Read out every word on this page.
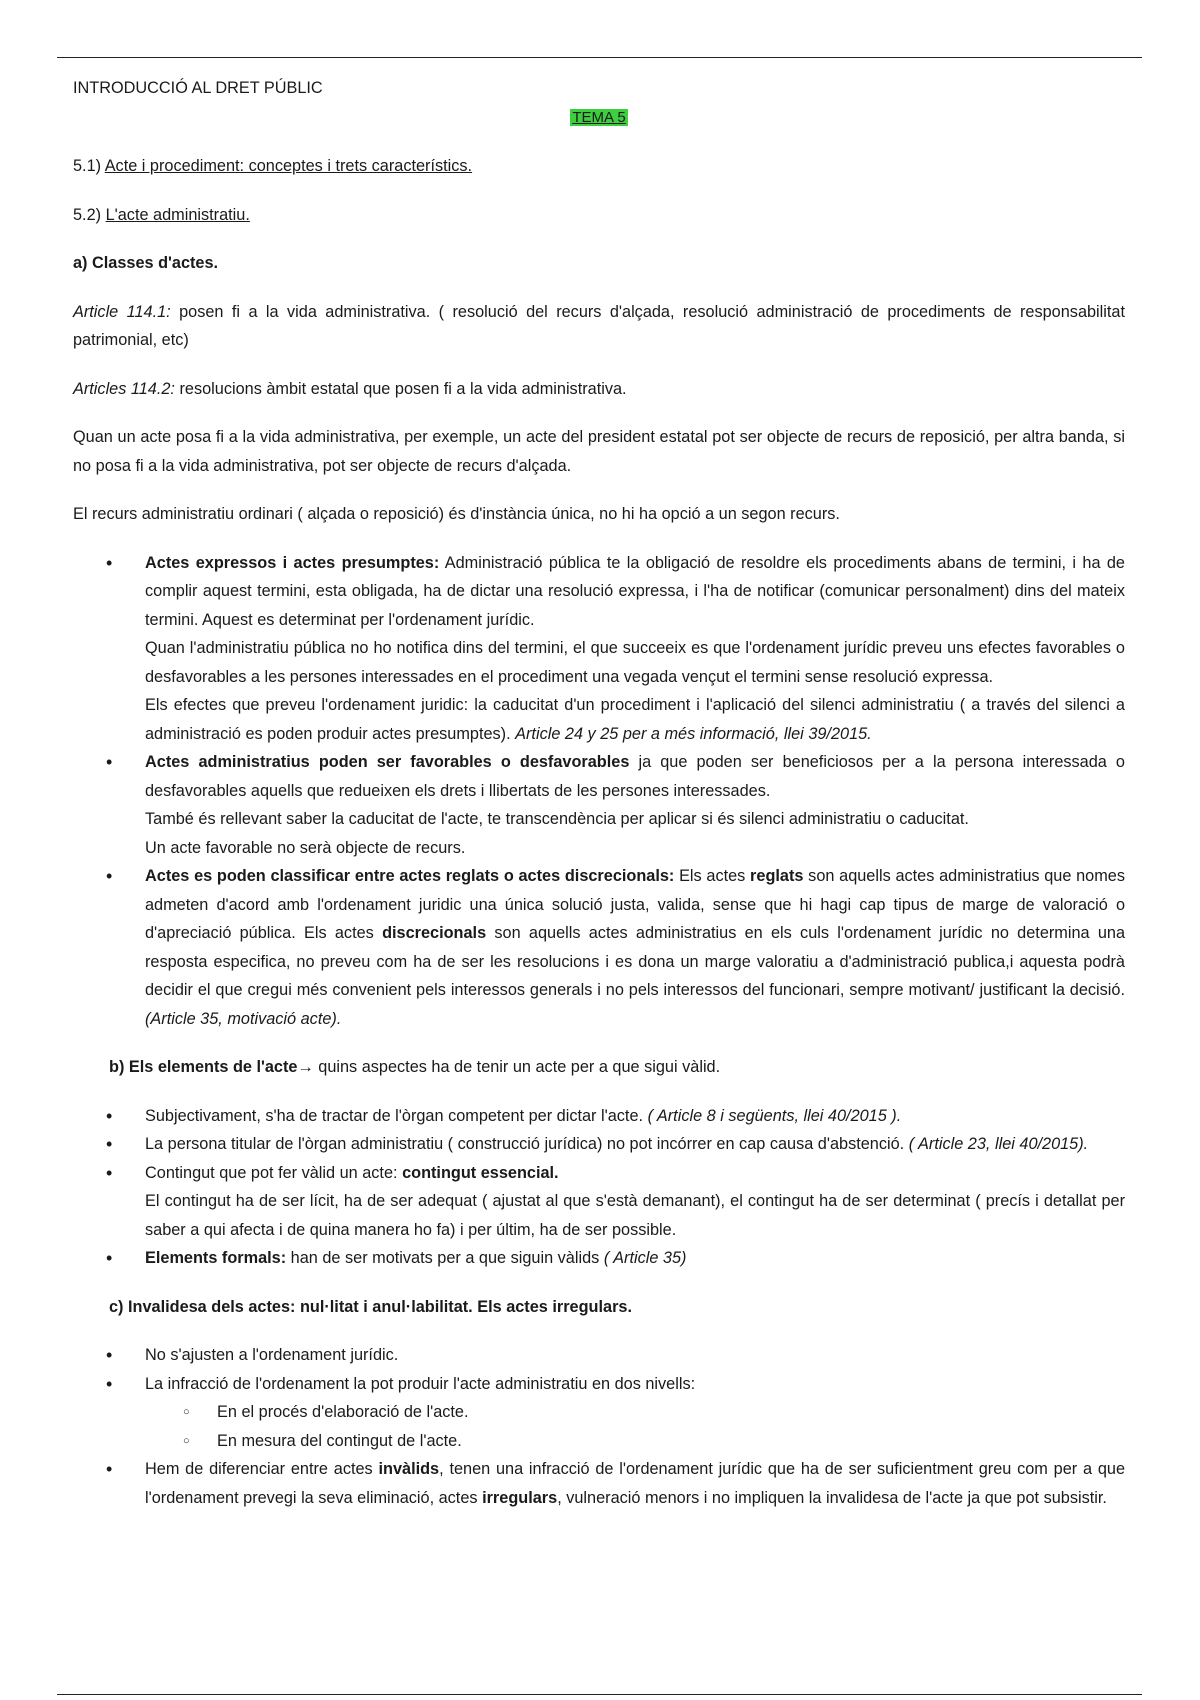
INTRODUCCIÓ AL DRET PÚBLIC

TEMA 5

5.1) Acte i procediment: conceptes i trets característics.

5.2) L'acte administratiu.

a) Classes d'actes.

Article 114.1: posen fi a la vida administrativa. ( resolució del recurs d'alçada, resolució administració de procediments de responsabilitat patrimonial, etc)

Articles 114.2: resolucions àmbit estatal que posen fi a la vida administrativa.

Quan un acte posa fi a la vida administrativa, per exemple, un acte del president estatal pot ser objecte de recurs de reposició, per altra banda, si no posa fi a la vida administrativa, pot ser objecte de recurs d'alçada.

El recurs administratiu ordinari ( alçada o reposició) és d'instància única, no hi ha opció a un segon recurs.

• Actes expressos i actes presumptes: Administració pública te la obligació de resoldre els procediments abans de termini, i ha de complir aquest termini, esta obligada, ha de dictar una resolució expressa, i l'ha de notificar (comunicar personalment) dins del mateix termini. Aquest es determinat per l'ordenament jurídic.
Quan l'administratiu pública no ho notifica dins del termini, el que succeeix es que l'ordenament jurídic preveu uns efectes favorables o desfavorables a les persones interessades en el procediment una vegada vençut el termini sense resolució expressa.
Els efectes que preveu l'ordenament juridic: la caducitat d'un procediment i l'aplicació del silenci administratiu ( a través del silenci a administració es poden produir actes presumptes). Article 24 y 25 per a més informació, llei 39/2015.
• Actes administratius poden ser favorables o desfavorables ja que poden ser beneficiosos per a la persona interessada o desfavorables aquells que redueixen els drets i llibertats de les persones interessades.
També és rellevant saber la caducitat de l'acte, te transcendència per aplicar si és silenci administratiu o caducitat.
Un acte favorable no serà objecte de recurs.
• Actes es poden classificar entre actes reglats o actes discrecionals: Els actes reglats son aquells actes administratius que nomes admeten d'acord amb l'ordenament juridic una única solució justa, valida, sense que hi hagi cap tipus de marge de valoració o d'apreciació pública. Els actes discrecionals son aquells actes administratius en els culs l'ordenament jurídic no determina una resposta especifica, no preveu com ha de ser les resolucions i es dona un marge valoratiu a d'administració publica,i aquesta podrà decidir el que cregui més convenient pels interessos generals i no pels interessos del funcionari, sempre motivant/ justificant la decisió. (Article 35, motivació acte).

b) Els elements de l'acte→ quins aspectes ha de tenir un acte per a que sigui vàlid.

• Subjectivament, s'ha de tractar de l'òrgan competent per dictar l'acte. ( Article 8 i següents, llei 40/2015 ).
• La persona titular de l'òrgan administratiu ( construcció jurídica) no pot incórrer en cap causa d'abstenció. ( Article 23, llei 40/2015).
• Contingut que pot fer vàlid un acte: contingut essencial.
El contingut ha de ser lícit, ha de ser adequat ( ajustat al que s'està demanant), el contingut ha de ser determinat ( precís i detallat per saber a qui afecta i de quina manera ho fa) i per últim, ha de ser possible.
• Elements formals: han de ser motivats per a que siguin vàlids ( Article 35)

c) Invalidesa dels actes: nul·litat i anul·labilitat. Els actes irregulars.

• No s'ajusten a l'ordenament jurídic.
• La infracció de l'ordenament la pot produir l'acte administratiu en dos nivells:
○ En el procés d'elaboració de l'acte.
○ En mesura del contingut de l'acte.
• Hem de diferenciar entre actes invàlids, tenen una infracció de l'ordenament jurídic que ha de ser suficientment greu com per a que l'ordenament prevegi la seva eliminació, actes irregulars, vulneració menors i no impliquen la invalidesa de l'acte ja que pot subsistir.
